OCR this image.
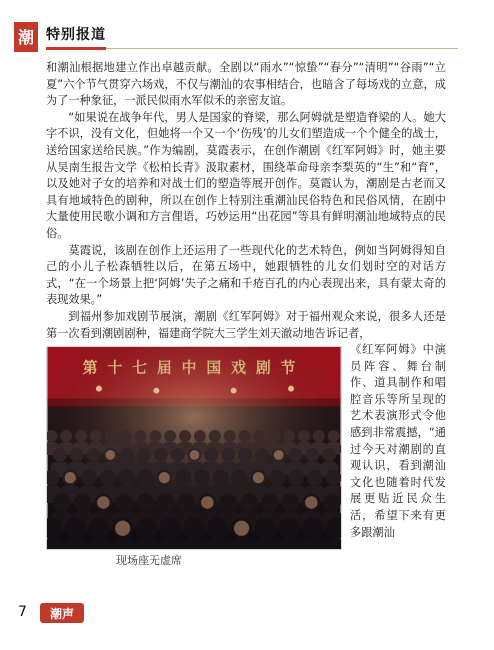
潮 特别报道

和潮汕根据地建立作出卓越贡献。全剧以“雨水”“惊蛰”“春分”“清明”“谷雨”“立夏”六个节气贯穿六场戏，不仅与潮汕的农事相结合，也暗含了每场戏的立意，成为了一种象征，一派民似雨水军似禾的亲密友谊。

“如果说在战争年代，男人是国家的脊梁，那么阿姆就是塑造脊梁的人。她大字不识，没有文化，但她将一个又一个‘伤残’的儿女们塑造成一个个健全的战士，送给国家送给民族。”作为编剧，莫霞表示，在创作潮剧《红军阿姆》时，她主要从吴南生报告文学《松柏长青》汲取素材，围绕革命母亲李梨英的“生”和“育”，以及她对子女的培养和对战士们的塑造等展开创作。莫霞认为，潮剧是古老而又具有地域特色的剧种，所以在创作上特别注重潮汕民俗特色和民俗风情，在剧中大量使用民歌小调和方言俚语，巧妙运用“出花园”等具有鲜明潮汕地域特点的民俗。

莫霞说，该剧在创作上还运用了一些现代化的艺术特色，例如当阿姆得知自己的小儿子松森牺牲以后，在第五场中，她跟牺牲的儿女们划时空的对话方式，“在一个场景上把‘阿姆’失子之痛和千疮百孔的内心表现出来，具有蒙太奇的表现效果。”

到福州参加戏剧节展演，潮剧《红军阿姆》对于福州观众来说，很多人还是第一次看到潮剧剧种，福建商学院大三学生刘天澈动地告诉记者，

现场座无虚席
《红军阿姆》中演员阵容、舞台制作、道具制作和唱腔音乐等所呈现的艺术表演形式令他感到非常震撼，“通过今天对潮剧的直观认识，看到潮汕文化也随着时代发展更贴近民众生活，希望下来有更多跟潮汕
7 潮声
